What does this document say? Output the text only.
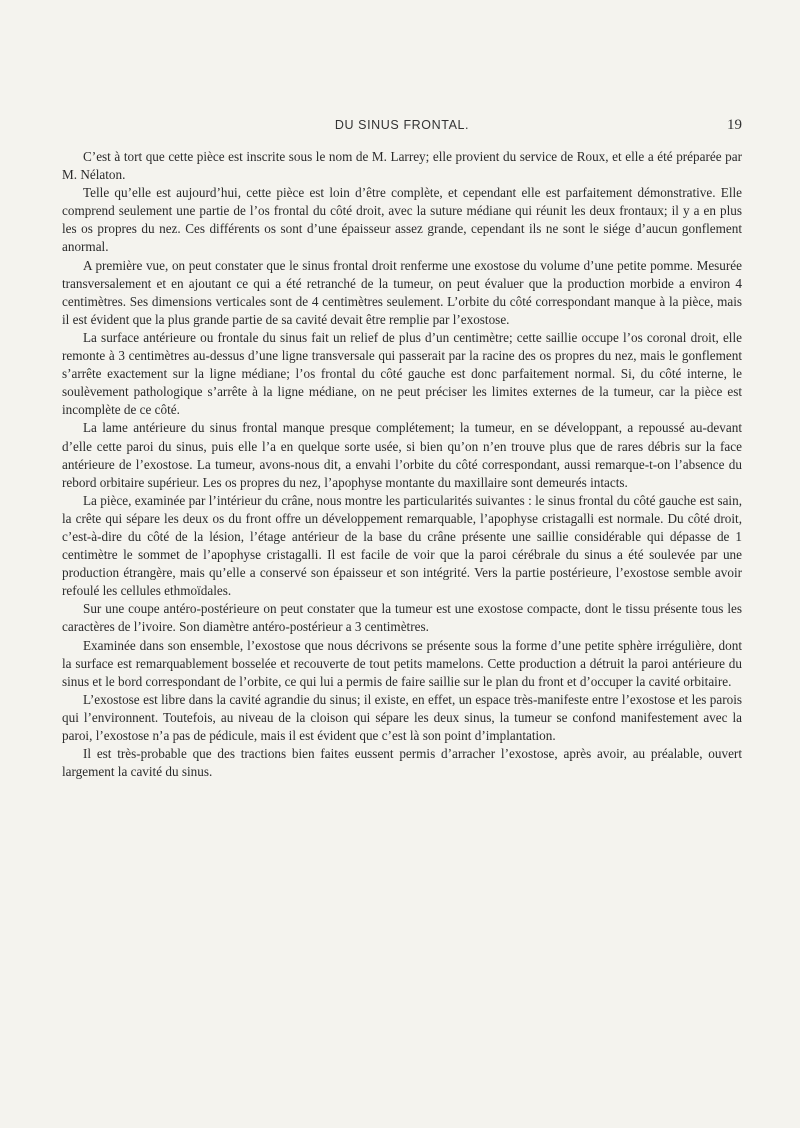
DU SINUS FRONTAL.	19

C’est à tort que cette pièce est inscrite sous le nom de M. Larrey; elle provient du service de Roux, et elle a été préparée par M. Nélaton.

Telle qu’elle est aujourd’hui, cette pièce est loin d’être complète, et cependant elle est parfaitement démonstrative. Elle comprend seulement une partie de l’os frontal du côté droit, avec la suture médiane qui réunit les deux frontaux; il y a en plus les os propres du nez. Ces différents os sont d’une épaisseur assez grande, cependant ils ne sont le siége d’aucun gonflement anormal.

A première vue, on peut constater que le sinus frontal droit renferme une exostose du volume d’une petite pomme. Mesurée transversalement et en ajoutant ce qui a été retranché de la tumeur, on peut évaluer que la production morbide a environ 4 centimètres. Ses dimensions verticales sont de 4 centimètres seulement. L’orbite du côté correspondant manque à la pièce, mais il est évident que la plus grande partie de sa cavité devait être remplie par l’exostose.

La surface antérieure ou frontale du sinus fait un relief de plus d’un centimètre; cette saillie occupe l’os coronal droit, elle remonte à 3 centimètres au-dessus d’une ligne transversale qui passerait par la racine des os propres du nez, mais le gonflement s’arrête exactement sur la ligne médiane; l’os frontal du côté gauche est donc parfaitement normal. Si, du côté interne, le soulèvement pathologique s’arrête à la ligne médiane, on ne peut préciser les limites externes de la tumeur, car la pièce est incomplète de ce côté.

La lame antérieure du sinus frontal manque presque complétement; la tumeur, en se développant, a repoussé au-devant d’elle cette paroi du sinus, puis elle l’a en quelque sorte usée, si bien qu’on n’en trouve plus que de rares débris sur la face antérieure de l’exostose. La tumeur, avons-nous dit, a envahi l’orbite du côté correspondant, aussi remarque-t-on l’absence du rebord orbitaire supérieur. Les os propres du nez, l’apophyse montante du maxillaire sont demeurés intacts.

La pièce, examinée par l’intérieur du crâne, nous montre les particularités suivantes : le sinus frontal du côté gauche est sain, la crête qui sépare les deux os du front offre un développement remarquable, l’apophyse cristagalli est normale. Du côté droit, c’est-à-dire du côté de la lésion, l’étage antérieur de la base du crâne présente une saillie considérable qui dépasse de 1 centimètre le sommet de l’apophyse cristagalli. Il est facile de voir que la paroi cérébrale du sinus a été soulevée par une production étrangère, mais qu’elle a conservé son épaisseur et son intégrité. Vers la partie postérieure, l’exostose semble avoir refoulé les cellules ethmoïdales.

Sur une coupe antéro-postérieure on peut constater que la tumeur est une exostose compacte, dont le tissu présente tous les caractères de l’ivoire. Son diamètre antéro-postérieur a 3 centimètres.

Examinée dans son ensemble, l’exostose que nous décrivons se présente sous la forme d’une petite sphère irrégulière, dont la surface est remarquablement bosselée et recouverte de tout petits mamelons. Cette production a détruit la paroi antérieure du sinus et le bord correspondant de l’orbite, ce qui lui a permis de faire saillie sur le plan du front et d’occuper la cavité orbitaire.

L’exostose est libre dans la cavité agrandie du sinus; il existe, en effet, un espace très-manifeste entre l’exostose et les parois qui l’environnent. Toutefois, au niveau de la cloison qui sépare les deux sinus, la tumeur se confond manifestement avec la paroi, l’exostose n’a pas de pédicule, mais il est évident que c’est là son point d’implantation.

Il est très-probable que des tractions bien faites eussent permis d’arracher l’exostose, après avoir, au préalable, ouvert largement la cavité du sinus.
